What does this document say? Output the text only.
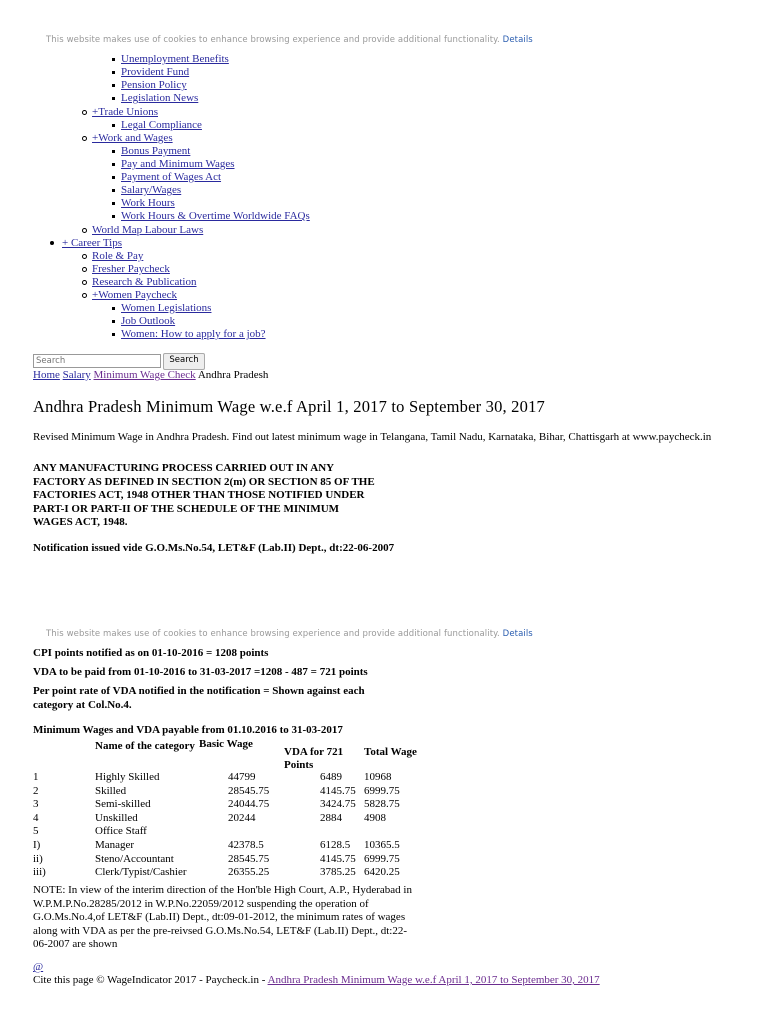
This website makes use of cookies to enhance browsing experience and provide additional functionality. Details
Unemployment Benefits
Provident Fund
Pension Policy
Legislation News
+Trade Unions
Legal Compliance
+Work and Wages
Bonus Payment
Pay and Minimum Wages
Payment of Wages Act
Salary/Wages
Work Hours
Work Hours & Overtime Worldwide FAQs
World Map Labour Laws
+ Career Tips
Role & Pay
Fresher Paycheck
Research & Publication
+Women Paycheck
Women Legislations
Job Outlook
Women: How to apply for a job?
Search
Search
Home Salary Minimum Wage Check Andhra Pradesh
Andhra Pradesh Minimum Wage w.e.f April 1, 2017 to September 30, 2017
Revised Minimum Wage in Andhra Pradesh. Find out latest minimum wage in Telangana, Tamil Nadu, Karnataka, Bihar, Chattisgarh at www.paycheck.in
ANY MANUFACTURING PROCESS CARRIED OUT IN ANY FACTORY AS DEFINED IN SECTION 2(m) OR SECTION 85 OF THE FACTORIES ACT, 1948 OTHER THAN THOSE NOTIFIED UNDER PART-I OR PART-II OF THE SCHEDULE OF THE MINIMUM WAGES ACT, 1948.
Notification issued vide G.O.Ms.No.54, LET&F (Lab.II) Dept., dt:22-06-2007
This website makes use of cookies to enhance browsing experience and provide additional functionality. Details
CPI points notified as on 01-10-2016 = 1208 points
VDA to be paid from 01-10-2016 to 31-03-2017 =1208 - 487 = 721 points
Per point rate of VDA notified in the notification = Shown against each category at Col.No.4.
Minimum Wages and VDA payable from 01.10.2016 to 31-03-2017
	Name of the category	Basic Wage	VDA for 721 Points	Total Wage
1	Highly Skilled	44799	6489	10968
2	Skilled	28545.75	4145.75	6999.75
3	Semi-skilled	24044.75	3424.75	5828.75
4	Unskilled	20244	2884	4908
5	Office Staff			
I)	Manager	42378.5	6128.5	10365.5
ii)	Steno/Accountant	28545.75	4145.75	6999.75
iii)	Clerk/Typist/Cashier	26355.25	3785.25	6420.25
NOTE: In view of the interim direction of the Hon'ble High Court, A.P., Hyderabad in W.P.M.P.No.28285/2012 in W.P.No.22059/2012 suspending the operation of G.O.Ms.No.4,of LET&F (Lab.II) Dept., dt:09-01-2012, the minimum rates of wages along with VDA as per the pre-reivsed G.O.Ms.No.54, LET&F (Lab.II) Dept., dt:22-06-2007 are shown
@
Cite this page © WageIndicator 2017 - Paycheck.in - Andhra Pradesh Minimum Wage w.e.f April 1, 2017 to September 30, 2017
